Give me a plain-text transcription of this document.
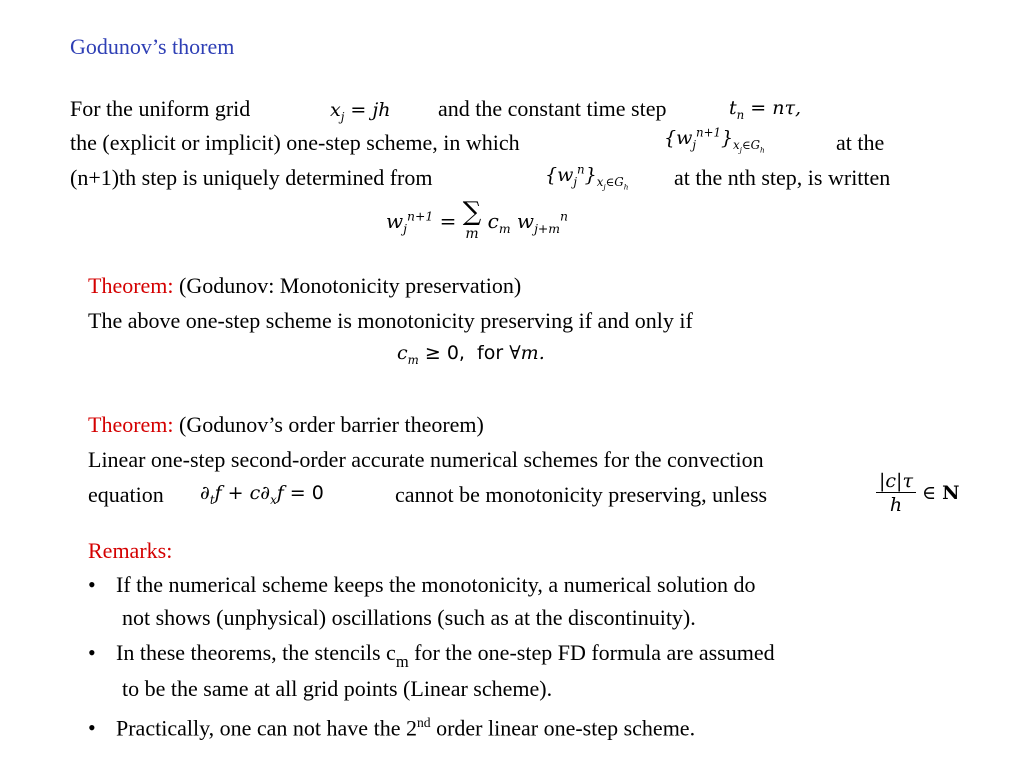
Godunov’s thorem
For the uniform grid	$x_j$ = jh and the constant time step	$t_n = n\tau$,
the (explicit or implicit) one-step scheme, in which	$\{w_j^{n+1}\}_{x_j\in G_h}$	at the
(n+1)th step is uniquely determined from	$\{w_j^n\}_{x_j\in G_h}$ at the nth step, is written
$w_j^{n+1}$ = ∑
m
$c_m$ $w_{j+m}^n$
Theorem: (Godunov: Monotonicity preservation)
The above one-step scheme is monotonicity preserving if and only if
$c_m \ge 0$,  for ∀m.
Theorem: (Godunov’s order barrier theorem)
Linear one-step second-order accurate numerical schemes for the convection
equation $\partial_tf + c\partial_xf = 0$	cannot be monotonicity preserving, unless	$\frac{|c|\tau}{h}$ ∈ N
Remarks:
• If the numerical scheme keeps the monotonicity, a numerical solution do
not shows (unphysical) oscillations (such as at the discontinuity).
• In these theorems, the stencils $c_m$ for the one-step FD formula are assumed
to be the same at all grid points (Linear scheme).
• Practically, one can not have the 2nd order linear one-step scheme.
